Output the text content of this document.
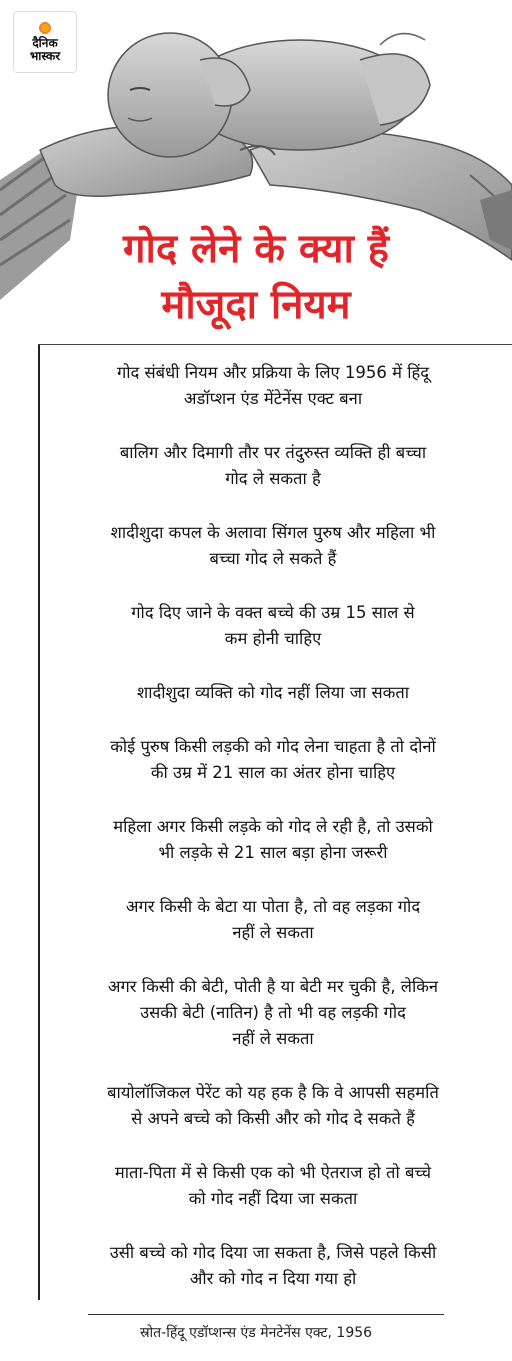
दैनिक
भास्कर
गोद लेने के क्या हैं
मौजूदा नियम
गोद संबंधी नियम और प्रक्रिया के लिए 1956 में हिंदू
अडॉप्शन एंड मेंटेनेंस एक्ट बना
बालिग और दिमागी तौर पर तंदुरुस्त व्यक्ति ही बच्चा
गोद ले सकता है
शादीशुदा कपल के अलावा सिंगल पुरुष और महिला भी
बच्चा गोद ले सकते हैं
गोद दिए जाने के वक्त बच्चे की उम्र 15 साल से
कम होनी चाहिए
शादीशुदा व्यक्ति को गोद नहीं लिया जा सकता
कोई पुरुष किसी लड़की को गोद लेना चाहता है तो दोनों
की उम्र में 21 साल का अंतर होना चाहिए
महिला अगर किसी लड़के को गोद ले रही है, तो उसको
भी लड़के से 21 साल बड़ा होना जरूरी
अगर किसी के बेटा या पोता है, तो वह लड़का गोद
नहीं ले सकता
अगर किसी की बेटी, पोती है या बेटी मर चुकी है, लेकिन
उसकी बेटी (नातिन) है तो भी वह लड़की गोद
नहीं ले सकता
बायोलॉजिकल पेरेंट को यह हक है कि वे आपसी सहमति
से अपने बच्चे को किसी और को गोद दे सकते हैं
माता-पिता में से किसी एक को भी ऐतराज हो तो बच्चे
को गोद नहीं दिया जा सकता
उसी बच्चे को गोद दिया जा सकता है, जिसे पहले किसी
और को गोद न दिया गया हो
स्रोत-हिंदू एडॉप्शन्स एंड मेनटेनेंस एक्ट, 1956
